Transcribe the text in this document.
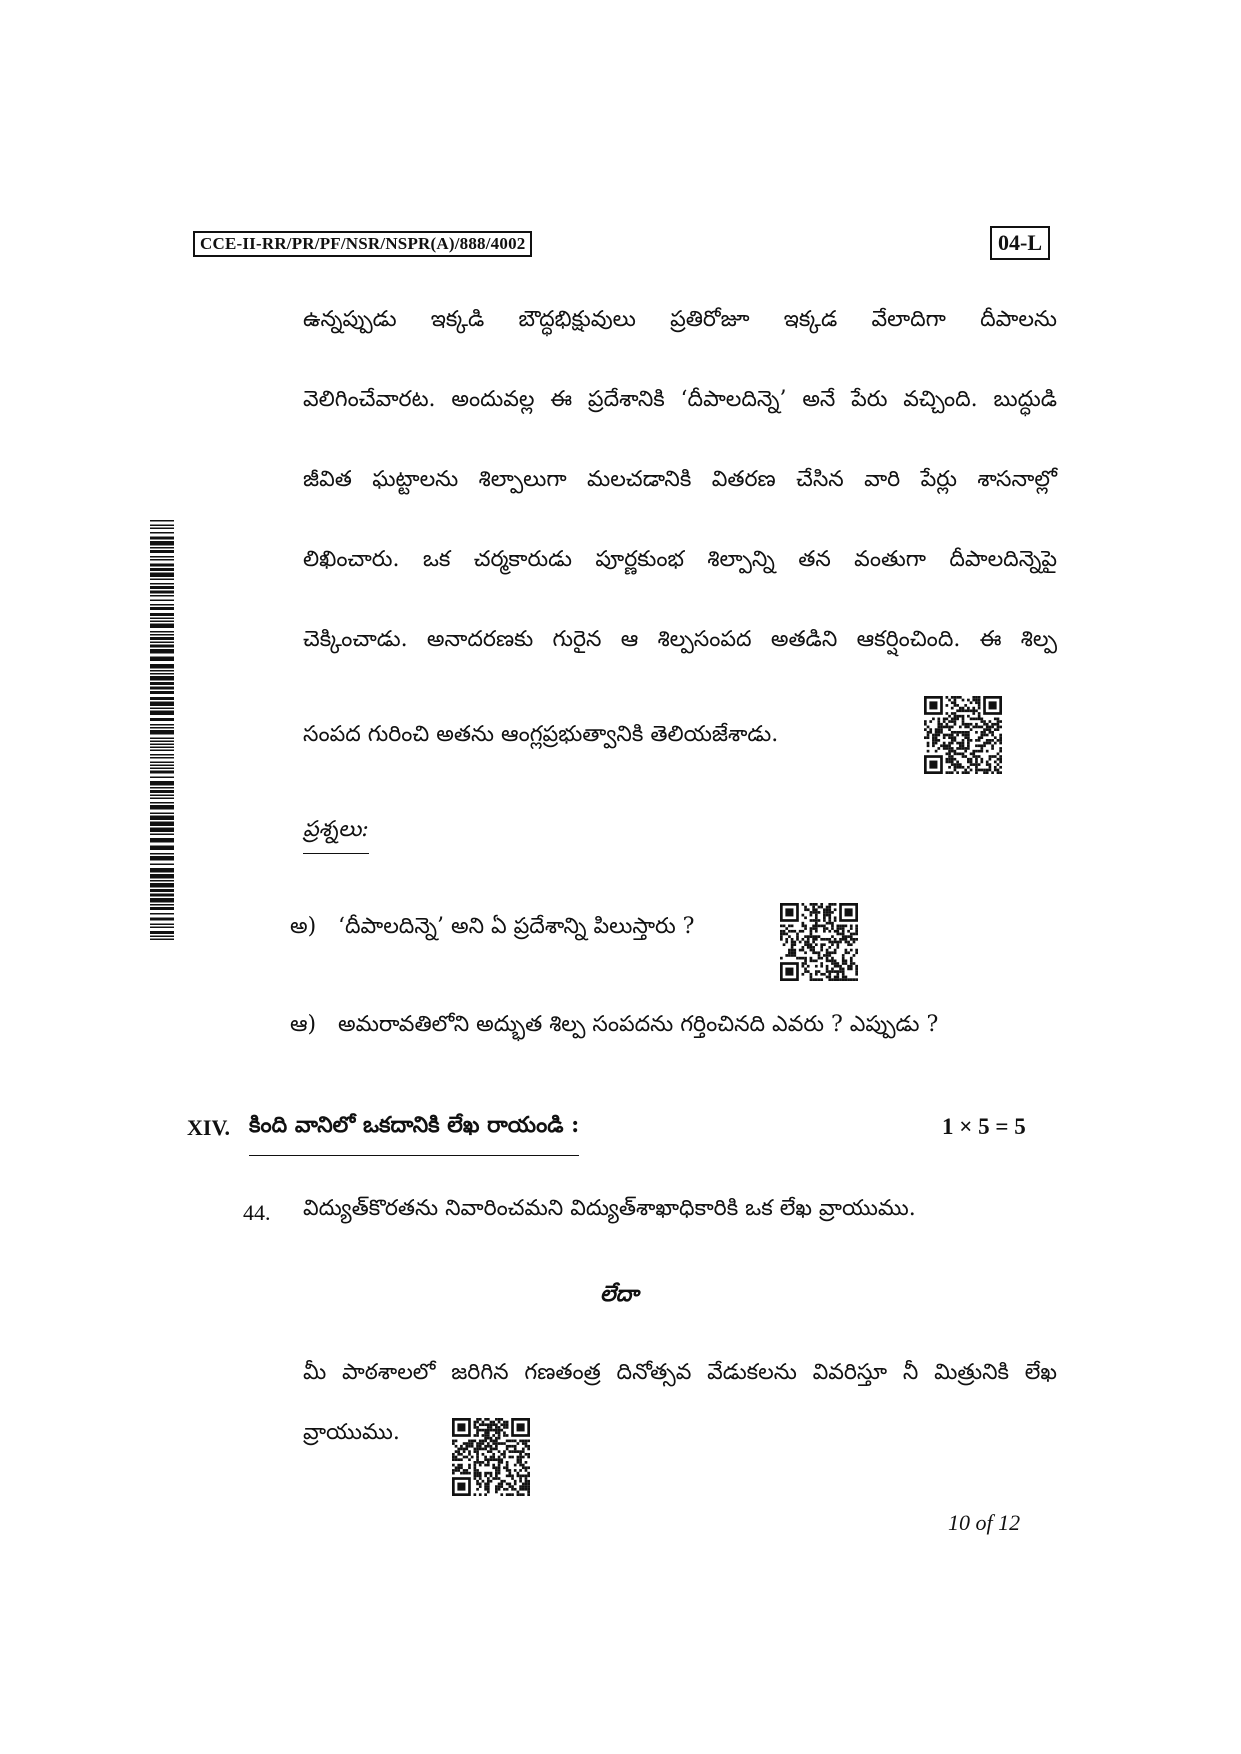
CCE-II-RR/PR/PF/NSR/NSPR(A)/888/4002	04-L
ఉన్నప్పుడు ఇక్కడి బౌద్ధభిక్షువులు ప్రతిరోజూ ఇక్కడ వేలాదిగా దీపాలను
వెలిగించేవారట. అందువల్ల ఈ ప్రదేశానికి ‘దీపాలదిన్నె’ అనే పేరు వచ్చింది. బుద్ధుడి
జీవిత ఘట్టాలను శిల్పాలుగా మలచడానికి వితరణ చేసిన వారి పేర్లు శాసనాల్లో
లిఖించారు. ఒక చర్మకారుడు పూర్ణకుంభ శిల్పాన్ని తన వంతుగా దీపాలదిన్నెపై
చెక్కించాడు. అనాదరణకు గురైన ఆ శిల్పసంపద అతడిని ఆకర్షించింది. ఈ శిల్ప
సంపద గురించి అతను ఆంగ్లప్రభుత్వానికి తెలియజేశాడు.
ప్రశ్నలు:
అ) ‘దీపాలదిన్నె’ అని ఏ ప్రదేశాన్ని పిలుస్తారు ?
ఆ) అమరావతిలోని అద్భుత శిల్ప సంపదను గర్తించినది ఎవరు ? ఎప్పుడు ?
XIV. కింది వానిలో ఒకదానికి లేఖ రాయండి :	1 × 5 = 5
44. విద్యుత్‌కొరతను నివారించమని విద్యుత్‌శాఖాధికారికి ఒక లేఖ వ్రాయుము.
లేదా
మీ పాఠశాలలో జరిగిన గణతంత్ర దినోత్సవ వేడుకలను వివరిస్తూ నీ మిత్రునికి లేఖ
వ్రాయుము.
10 of 12
